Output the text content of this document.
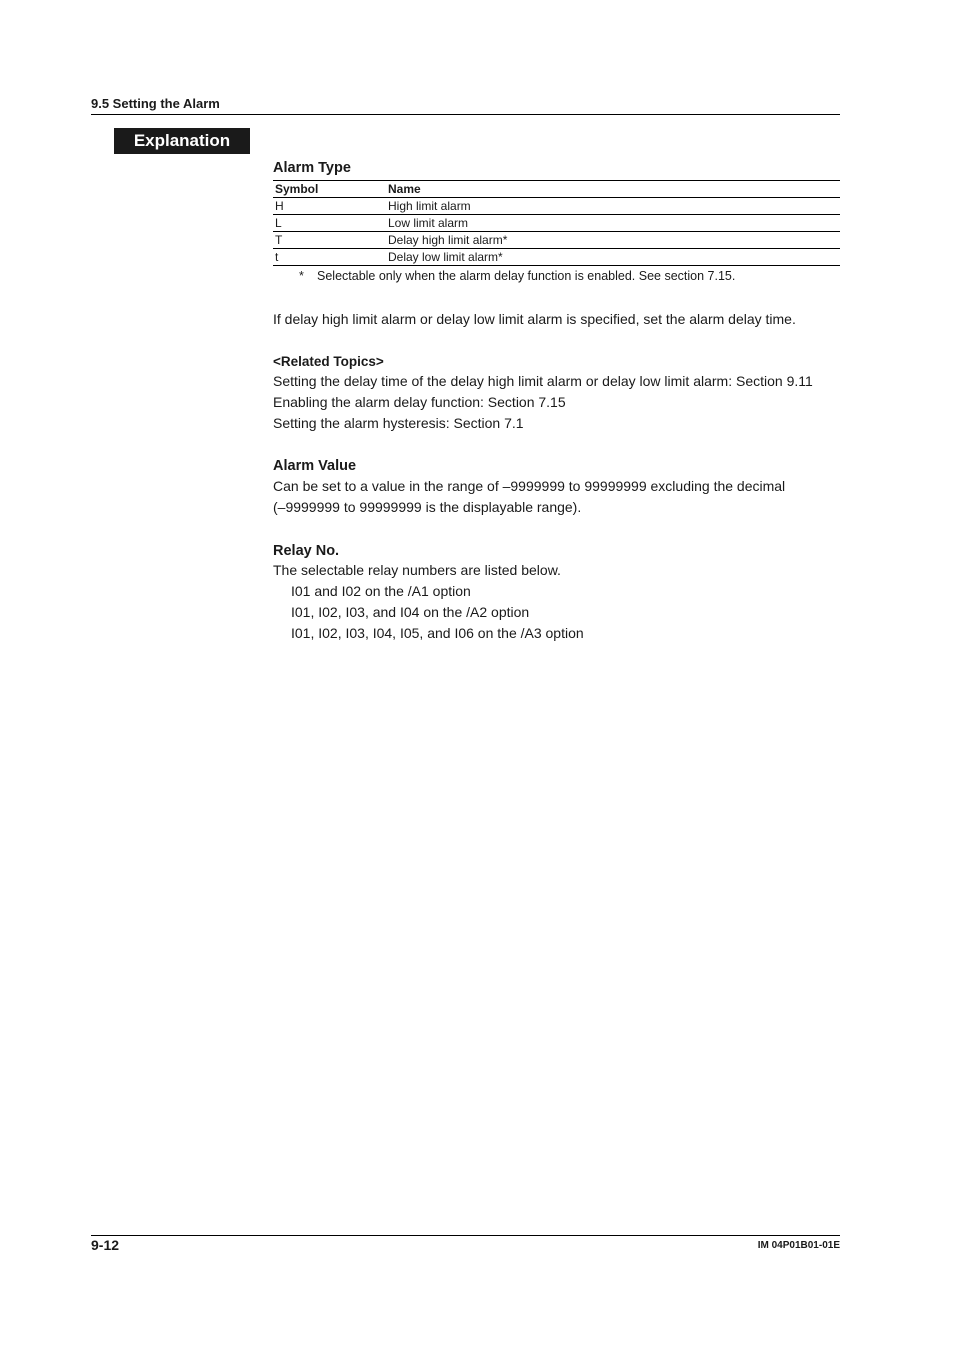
9.5 Setting the Alarm
Explanation
Alarm Type
Symbol	Name
H	High limit alarm
L	Low limit alarm
T	Delay high limit alarm*
t	Delay low limit alarm*
* Selectable only when the alarm delay function is enabled. See section 7.15.
If delay high limit alarm or delay low limit alarm is specified, set the alarm delay time.
<Related Topics>
Setting the delay time of the delay high limit alarm or delay low limit alarm: Section 9.11
Enabling the alarm delay function: Section 7.15
Setting the alarm hysteresis: Section 7.1
Alarm Value
Can be set to a value in the range of –9999999 to 99999999 excluding the decimal
(–9999999 to 99999999 is the displayable range).
Relay No.
The selectable relay numbers are listed below.
I01 and I02 on the /A1 option
I01, I02, I03, and I04 on the /A2 option
I01, I02, I03, I04, I05, and I06 on the /A3 option
9-12	IM 04P01B01-01E
